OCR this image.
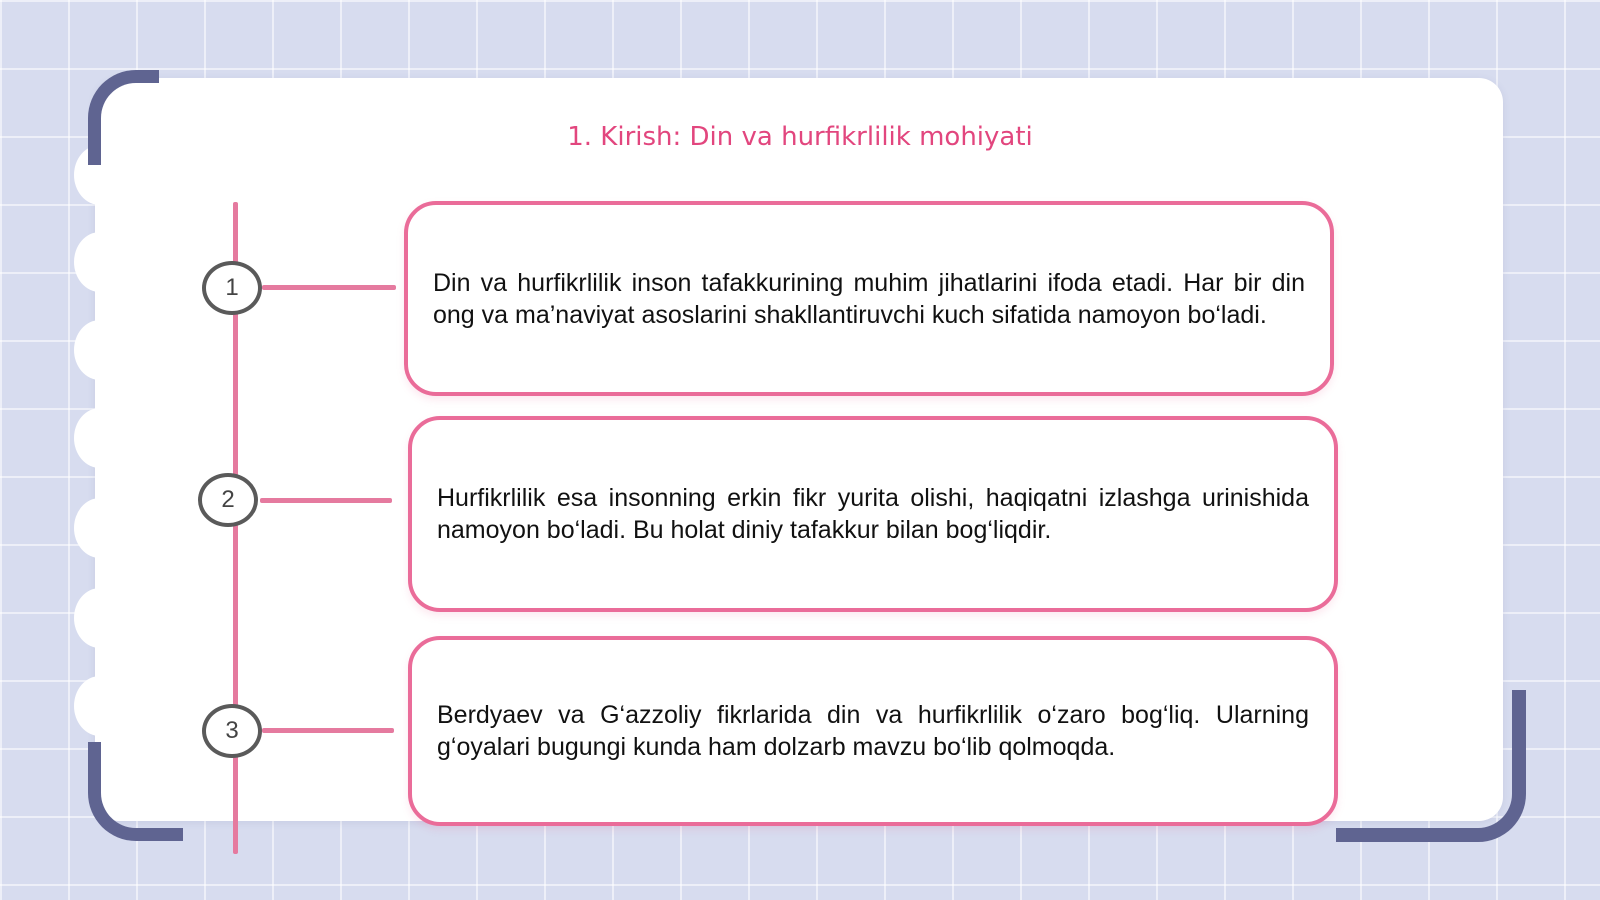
1. Kirish: Din va hurfikrlilik mohiyati
1
2
3
Din va hurfikrlilik inson tafakkurining muhim jihatlarini ifoda etadi. Har bir din ong va ma’naviyat asoslarini shakllantiruvchi kuch sifatida namoyon bo‘ladi.
Hurfikrlilik esa insonning erkin fikr yurita olishi, haqiqatni izlashga urinishida namoyon bo‘ladi. Bu holat diniy tafakkur bilan bog‘liqdir.
Berdyaev va G‘azzoliy fikrlarida din va hurfikrlilik o‘zaro bog‘liq. Ularning g‘oyalari bugungi kunda ham dolzarb mavzu bo‘lib qolmoqda.
